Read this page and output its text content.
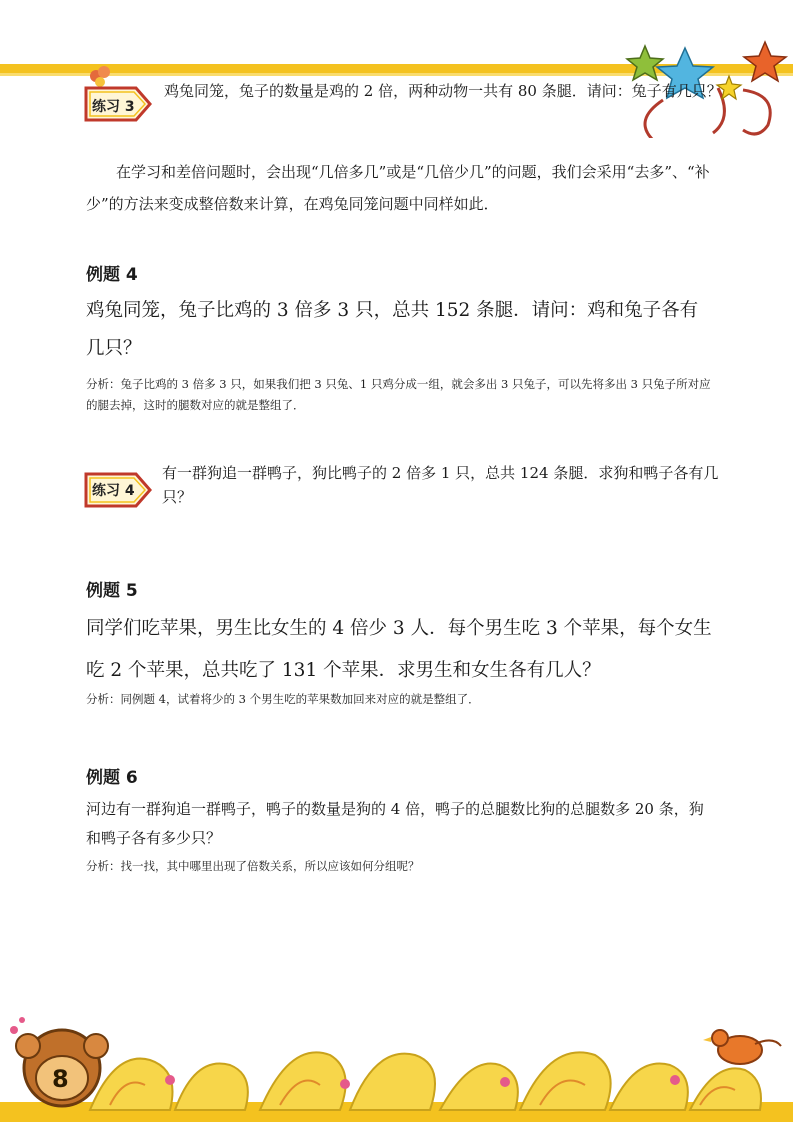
练习 3
鸡兔同笼，兔子的数量是鸡的 2 倍，两种动物一共有 80 条腿．请问：兔子有几只？
在学习和差倍问题时，会出现“几倍多几”或是“几倍少几”的问题，我们会采用“去多”、“补少”的方法来变成整倍数来计算，在鸡兔同笼问题中同样如此．
例题 4
鸡兔同笼，兔子比鸡的 3 倍多 3 只，总共 152 条腿．请问：鸡和兔子各有几只？
分析：兔子比鸡的 3 倍多 3 只，如果我们把 3 只兔、1 只鸡分成一组，就会多出 3 只兔子，可以先将多出 3 只兔子所对应的腿去掉，这时的腿数对应的就是整组了．
练习 4
有一群狗追一群鸭子，狗比鸭子的 2 倍多 1 只，总共 124 条腿．求狗和鸭子各有几只？
例题 5
同学们吃苹果，男生比女生的 4 倍少 3 人．每个男生吃 3 个苹果，每个女生吃 2 个苹果，总共吃了 131 个苹果．求男生和女生各有几人？
分析：同例题 4，试着将少的 3 个男生吃的苹果数加回来对应的就是整组了．
例题 6
河边有一群狗追一群鸭子，鸭子的数量是狗的 4 倍，鸭子的总腿数比狗的总腿数多 20 条，狗和鸭子各有多少只？
分析：找一找，其中哪里出现了倍数关系，所以应该如何分组呢？
8
